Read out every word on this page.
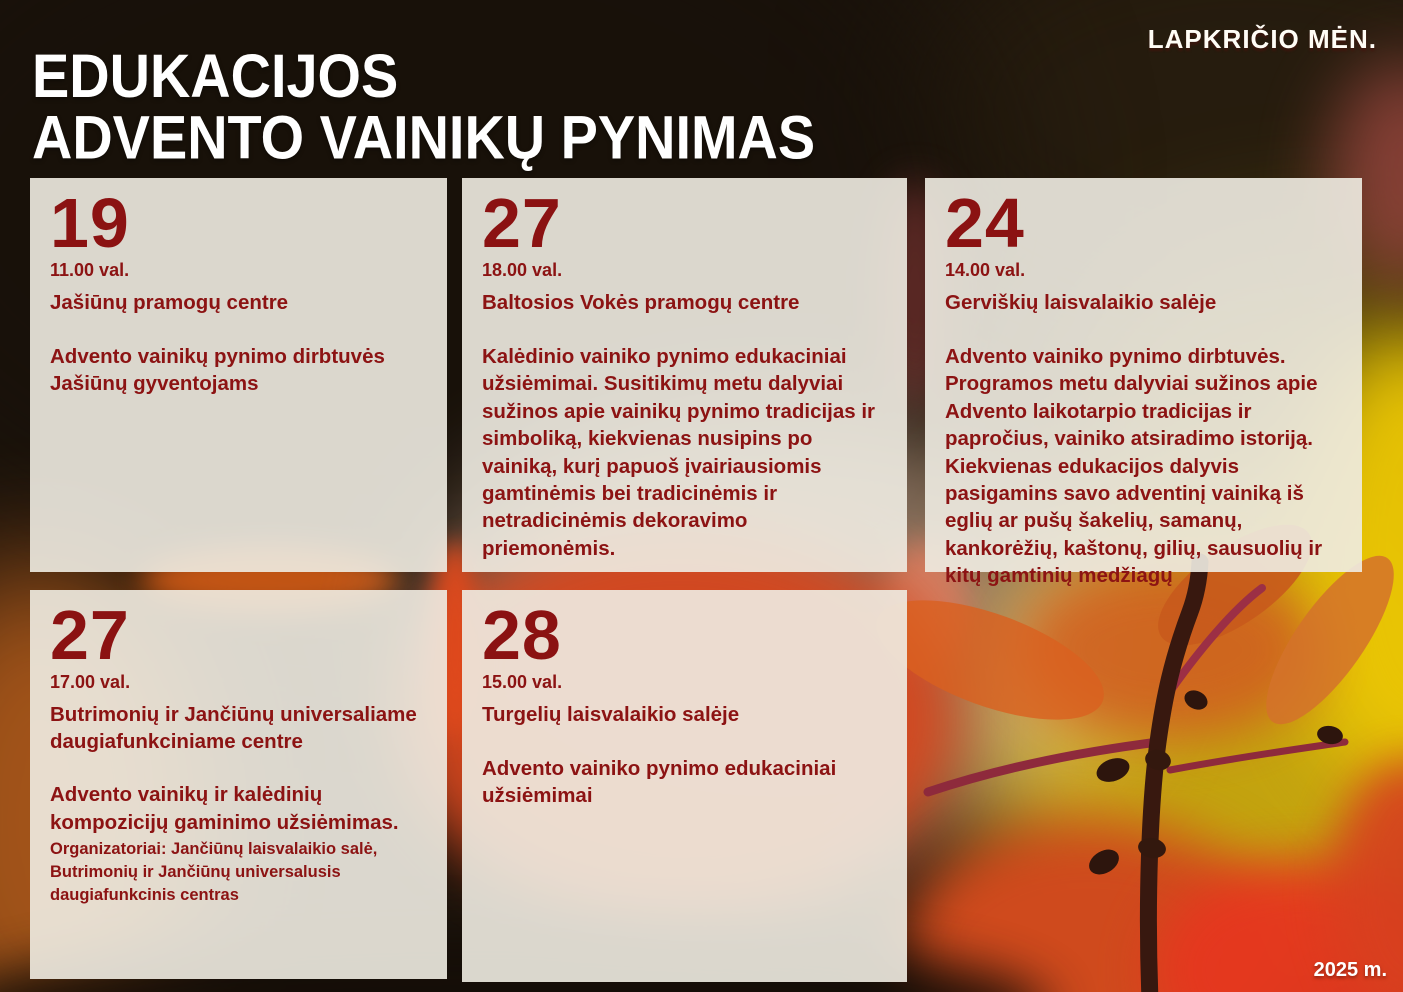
LAPKRIČIO MĖN.
EDUKACIJOS
ADVENTO VAINIKŲ PYNIMAS
19
11.00 val.
Jašiūnų pramogų centre

Advento vainikų pynimo dirbtuvės Jašiūnų gyventojams

27
18.00 val.
Baltosios Vokės pramogų centre

Kalėdinio vainiko pynimo edukaciniai užsiėmimai. Susitikimų metu dalyviai sužinos apie vainikų pynimo tradicijas ir simboliką, kiekvienas nusipins po vainiką, kurį papuoš įvairiausiomis gamtinėmis bei tradicinėmis ir netradicinėmis dekoravimo priemonėmis.

24
14.00 val.
Gerviškių laisvalaikio salėje

Advento vainiko pynimo dirbtuvės. Programos metu dalyviai sužinos apie Advento laikotarpio tradicijas ir papročius, vainiko atsiradimo istoriją. Kiekvienas edukacijos dalyvis pasigamins savo adventinį vainiką iš eglių ar pušų šakelių, samanų, kankorėžių, kaštonų, gilių, sausuolių ir kitų gamtinių medžiagų

27
17.00 val.
Butrimonių ir Jančiūnų universaliame daugiafunkciniame centre

Advento vainikų ir kalėdinių kompozicijų gaminimo užsiėmimas.

Organizatoriai: Jančiūnų laisvalaikio salė, Butrimonių ir Jančiūnų universalusis daugiafunkcinis centras

28
15.00 val.
Turgelių laisvalaikio salėje

Advento vainiko pynimo edukaciniai užsiėmimai

2025 m.
